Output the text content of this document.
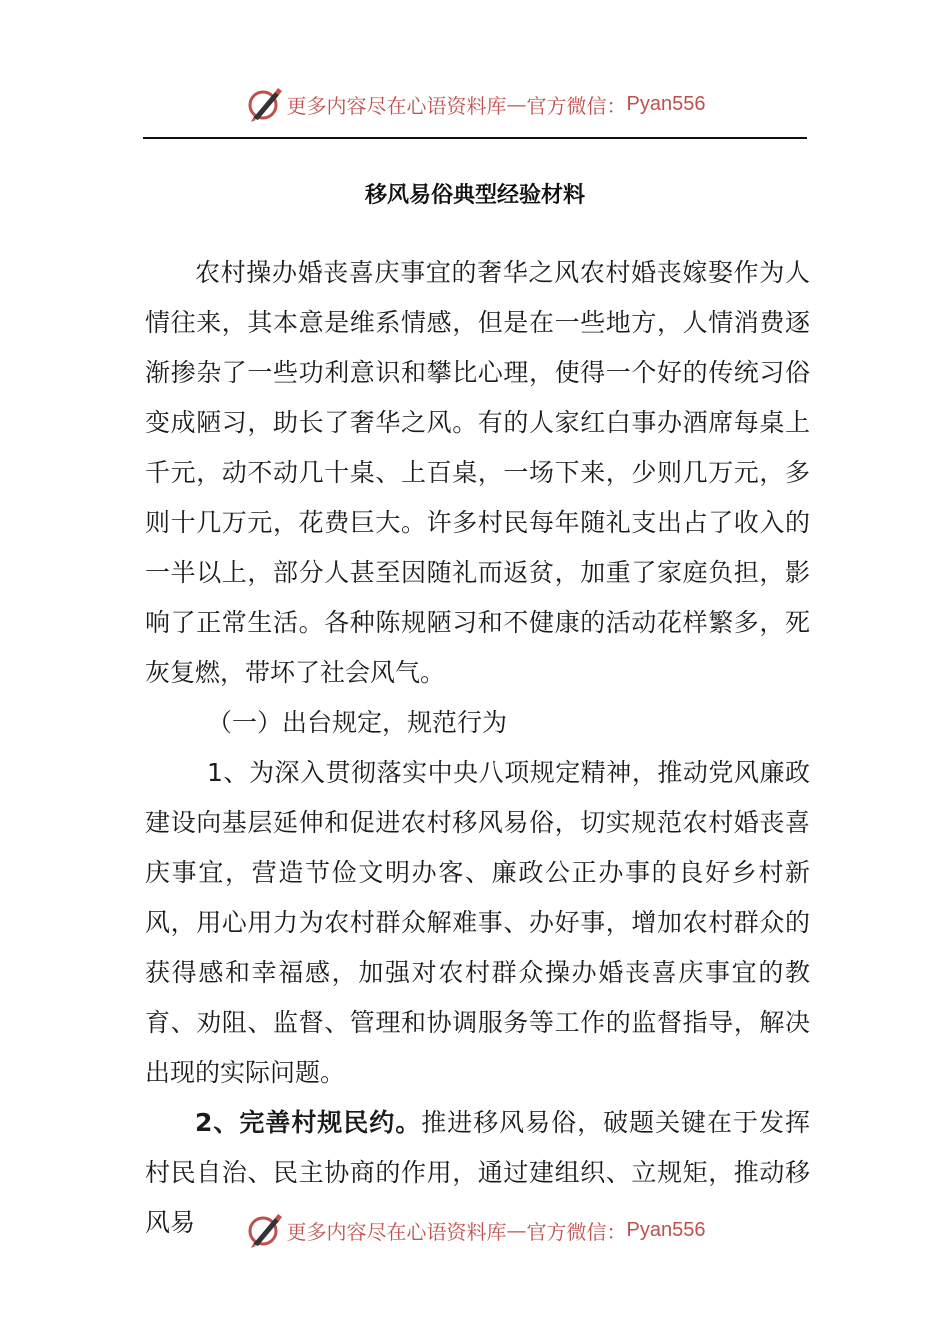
更多内容尽在心语资料库 — 官方微信： Pyan556
移风易俗典型经验材料

农村操办婚丧喜庆事宜的奢华之风农村婚丧嫁娶作为人情往来，其本意是维系情感，但是在一些地方，人情消费逐渐掺杂了一些功利意识和攀比心理，使得一个好的传统习俗变成陋习，助长了奢华之风。有的人家红白事办酒席每桌上千元，动不动几十桌、上百桌，一场下来，少则几万元，多则十几万元，花费巨大。许多村民每年随礼支出占了收入的一半以上，部分人甚至因随礼而返贫，加重了家庭负担，影响了正常生活。各种陈规陋习和不健康的活动花样繁多，死灰复燃，带坏了社会风气。

（一）出台规定，规范行为

1、为深入贯彻落实中央八项规定精神，推动党风廉政建设向基层延伸和促进农村移风易俗，切实规范农村婚丧喜庆事宜，营造节俭文明办客、廉政公正办事的良好乡村新风，用心用力为农村群众解难事、办好事，增加农村群众的获得感和幸福感，加强对农村群众操办婚丧喜庆事宜的教育、劝阻、监督、管理和协调服务等工作的监督指导，解决出现的实际问题。

2、完善村规民约。推进移风易俗，破题关键在于发挥村民自治、民主协商的作用，通过建组织、立规矩，推动移风易	更多内容尽在心语资料库 — 官方微信： Pyan556
